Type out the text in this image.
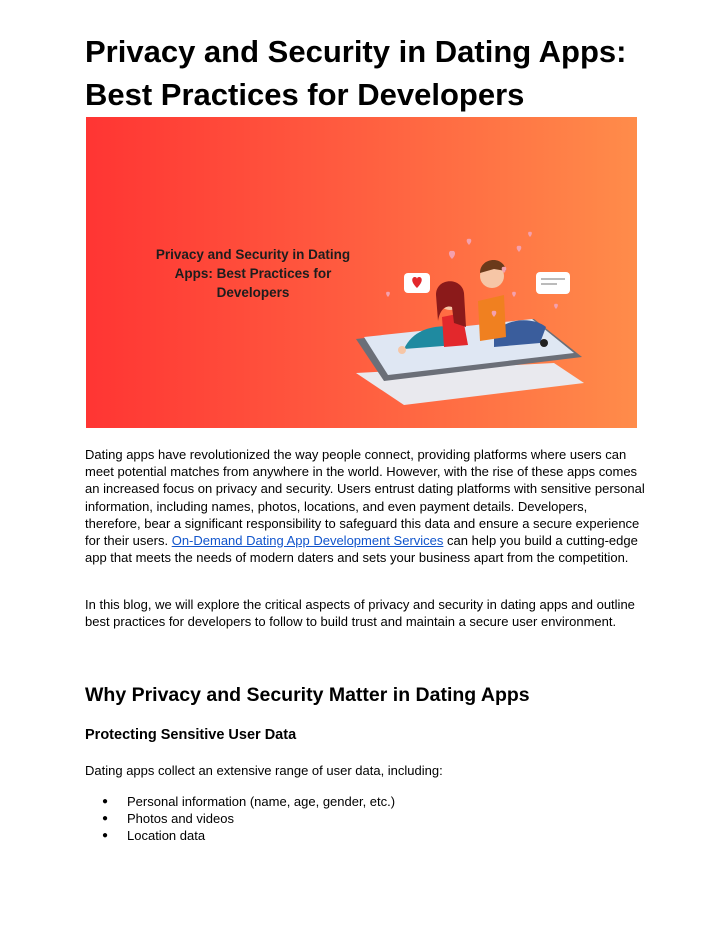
Privacy and Security in Dating Apps: Best Practices for Developers
Privacy and Security in Dating Apps: Best Practices for Developers

Dating apps have revolutionized the way people connect, providing platforms where users can meet potential matches from anywhere in the world. However, with the rise of these apps comes an increased focus on privacy and security. Users entrust dating platforms with sensitive personal information, including names, photos, locations, and even payment details. Developers, therefore, bear a significant responsibility to safeguard this data and ensure a secure experience for their users. On-Demand Dating App Development Services can help you build a cutting-edge app that meets the needs of modern daters and sets your business apart from the competition.

In this blog, we will explore the critical aspects of privacy and security in dating apps and outline best practices for developers to follow to build trust and maintain a secure user environment.

Why Privacy and Security Matter in Dating Apps
Protecting Sensitive User Data

Dating apps collect an extensive range of user data, including:

● Personal information (name, age, gender, etc.)
● Photos and videos
● Location data
